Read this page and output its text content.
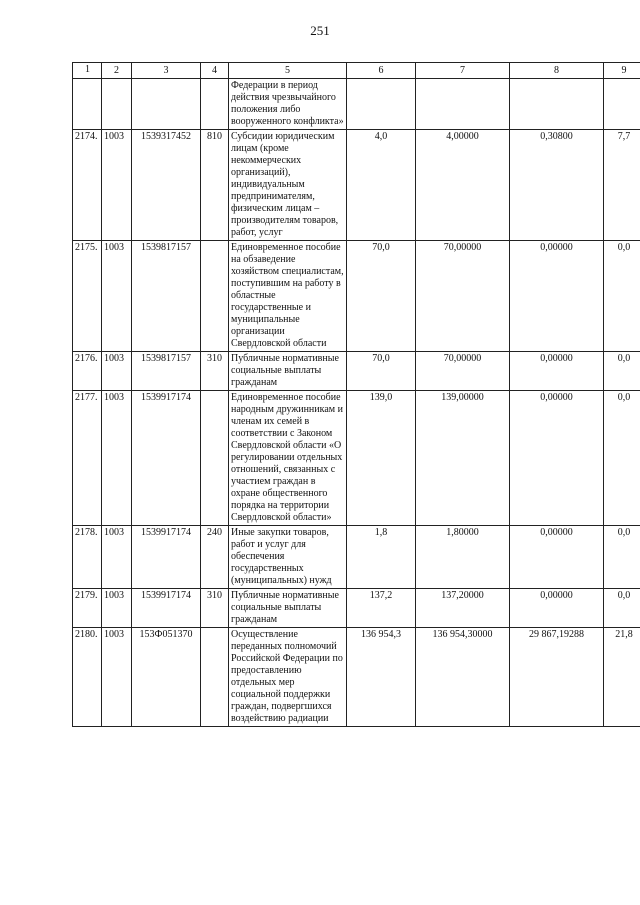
251
1	2	3	4	5	6	7	8	9
				Федерации в период действия чрезвычайного положения либо вооруженного конфликта»				
2174.	1003	1539317452	810	Субсидии юридическим лицам (кроме некоммерческих организаций), индивидуальным предпринимателям, физическим лицам – производителям товаров, работ, услуг	4,0	4,00000	0,30800	7,7
2175.	1003	1539817157		Единовременное пособие на обзаведение хозяйством специалистам, поступившим на работу в областные государственные и муниципальные организации Свердловской области	70,0	70,00000	0,00000	0,0
2176.	1003	1539817157	310	Публичные нормативные социальные выплаты гражданам	70,0	70,00000	0,00000	0,0
2177.	1003	1539917174		Единовременное пособие народным дружинникам и членам их семей в соответствии с Законом Свердловской области «О регулировании отдельных отношений, связанных с участием граждан в охране общественного порядка на территории Свердловской области»	139,0	139,00000	0,00000	0,0
2178.	1003	1539917174	240	Иные закупки товаров, работ и услуг для обеспечения государственных (муниципальных) нужд	1,8	1,80000	0,00000	0,0
2179.	1003	1539917174	310	Публичные нормативные социальные выплаты гражданам	137,2	137,20000	0,00000	0,0
2180.	1003	153Ф051370		Осуществление переданных полномочий Российской Федерации по предоставлению отдельных мер социальной поддержки граждан, подвергшихся воздействию радиации	136 954,3	136 954,30000	29 867,19288	21,8
